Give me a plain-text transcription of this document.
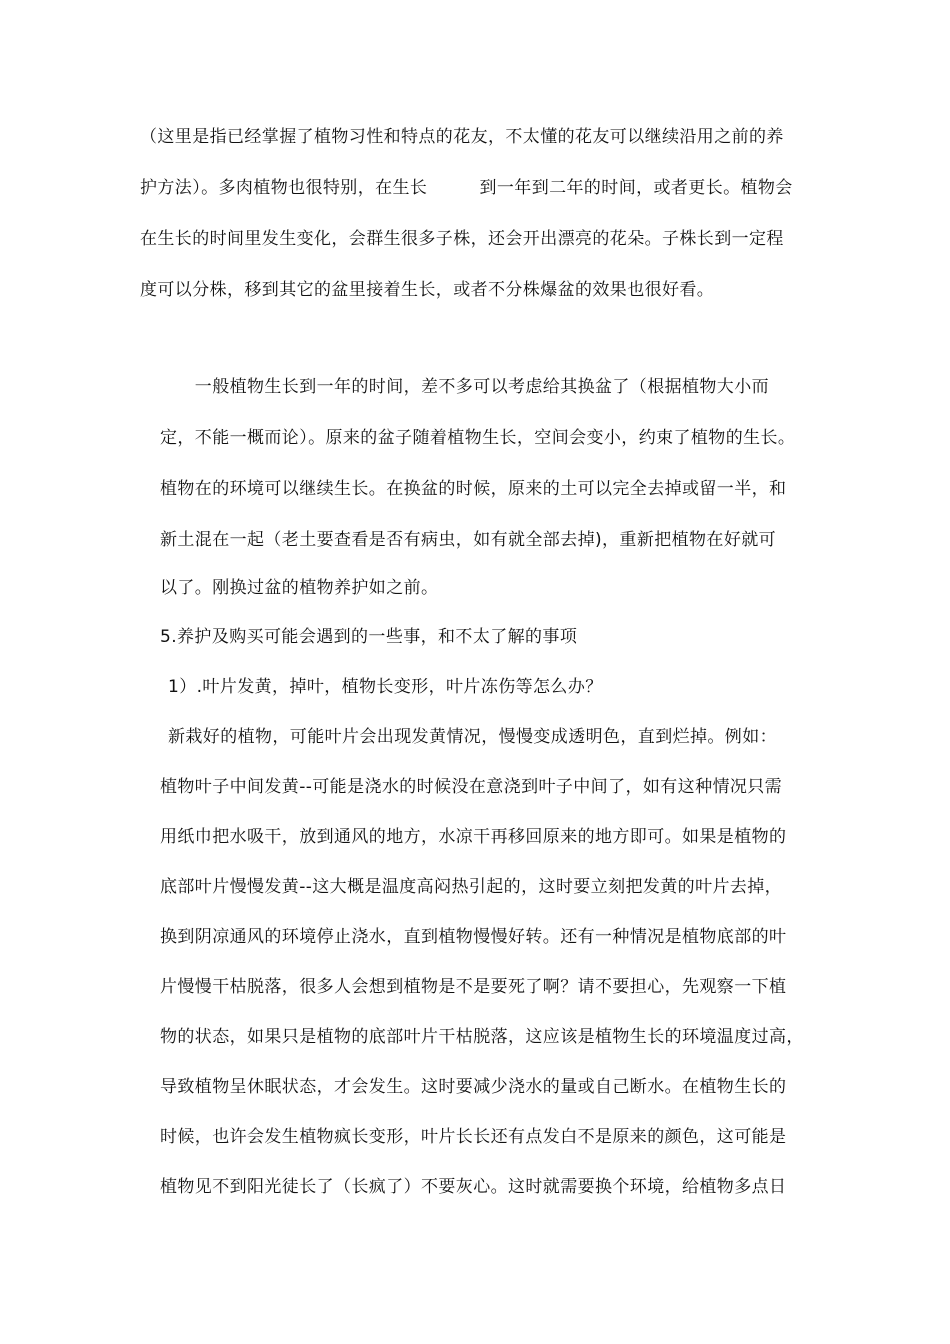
（这里是指已经掌握了植物习性和特点的花友，不太懂的花友可以继续沿用之前的养
护方法）。多肉植物也很特别，在生长　　　到一年到二年的时间，或者更长。植物会
在生长的时间里发生变化，会群生很多子株，还会开出漂亮的花朵。子株长到一定程
度可以分株，移到其它的盆里接着生长，或者不分株爆盆的效果也很好看。
　　一般植物生长到一年的时间，差不多可以考虑给其换盆了（根据植物大小而
定，不能一概而论）。原来的盆子随着植物生长，空间会变小，约束了植物的生长。
植物在的环境可以继续生长。在换盆的时候，原来的土可以完全去掉或留一半，和
新土混在一起（老土要查看是否有病虫，如有就全部去掉)，重新把植物在好就可
以了。刚换过盆的植物养护如之前。
5.养护及购买可能会遇到的一些事，和不太了解的事项
1）.叶片发黄，掉叶，植物长变形，叶片冻伤等怎么办？
新栽好的植物，可能叶片会出现发黄情况，慢慢变成透明色，直到烂掉。例如：
植物叶子中间发黄--可能是浇水的时候没在意浇到叶子中间了，如有这种情况只需
用纸巾把水吸干，放到通风的地方，水凉干再移回原来的地方即可。如果是植物的
底部叶片慢慢发黄--这大概是温度高闷热引起的，这时要立刻把发黄的叶片去掉，
换到阴凉通风的环境停止浇水，直到植物慢慢好转。还有一种情况是植物底部的叶
片慢慢干枯脱落，很多人会想到植物是不是要死了啊？请不要担心，先观察一下植
物的状态，如果只是植物的底部叶片干枯脱落，这应该是植物生长的环境温度过高，
导致植物呈休眠状态，才会发生。这时要减少浇水的量或自己断水。在植物生长的
时候，也许会发生植物疯长变形，叶片长长还有点发白不是原来的颜色，这可能是
植物见不到阳光徒长了（长疯了）不要灰心。这时就需要换个环境，给植物多点日
